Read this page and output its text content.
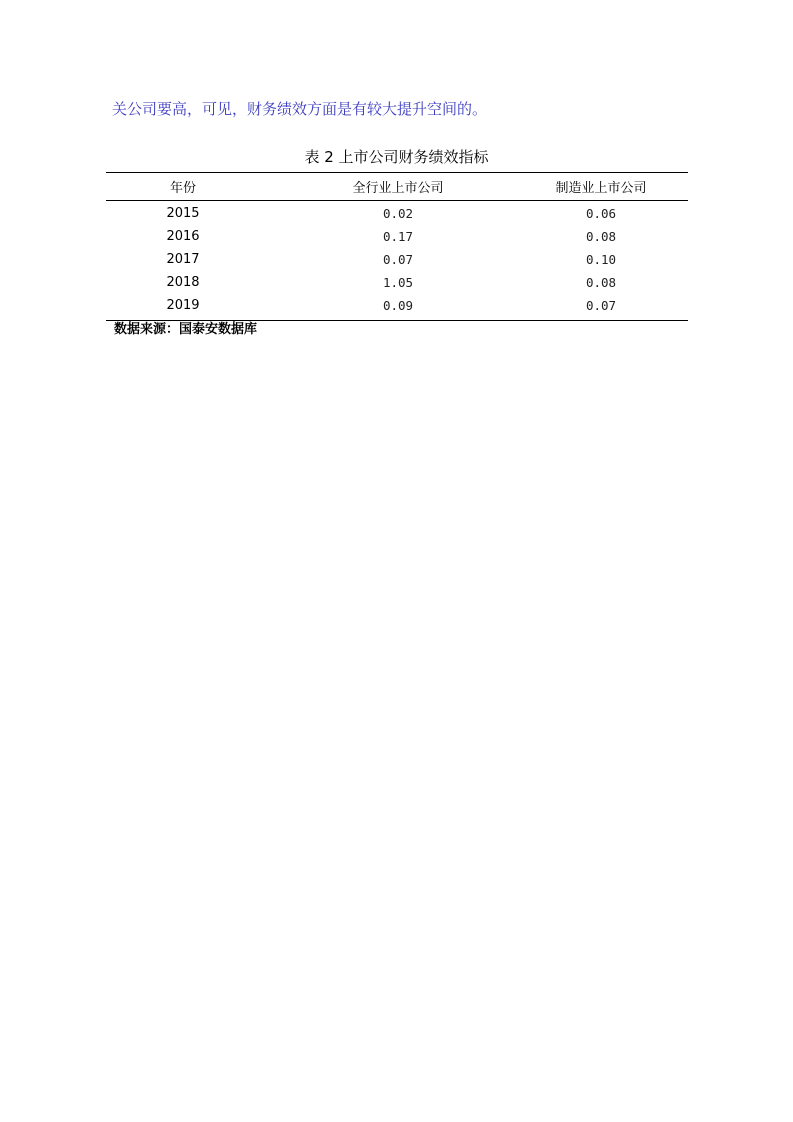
关公司要高，可见，财务绩效方面是有较大提升空间的。
表 2 上市公司财务绩效指标
年份	全行业上市公司	制造业上市公司
2015	0.02	0.06
2016	0.17	0.08
2017	0.07	0.10
2018	1.05	0.08
2019	0.09	0.07
数据来源：国泰安数据库
